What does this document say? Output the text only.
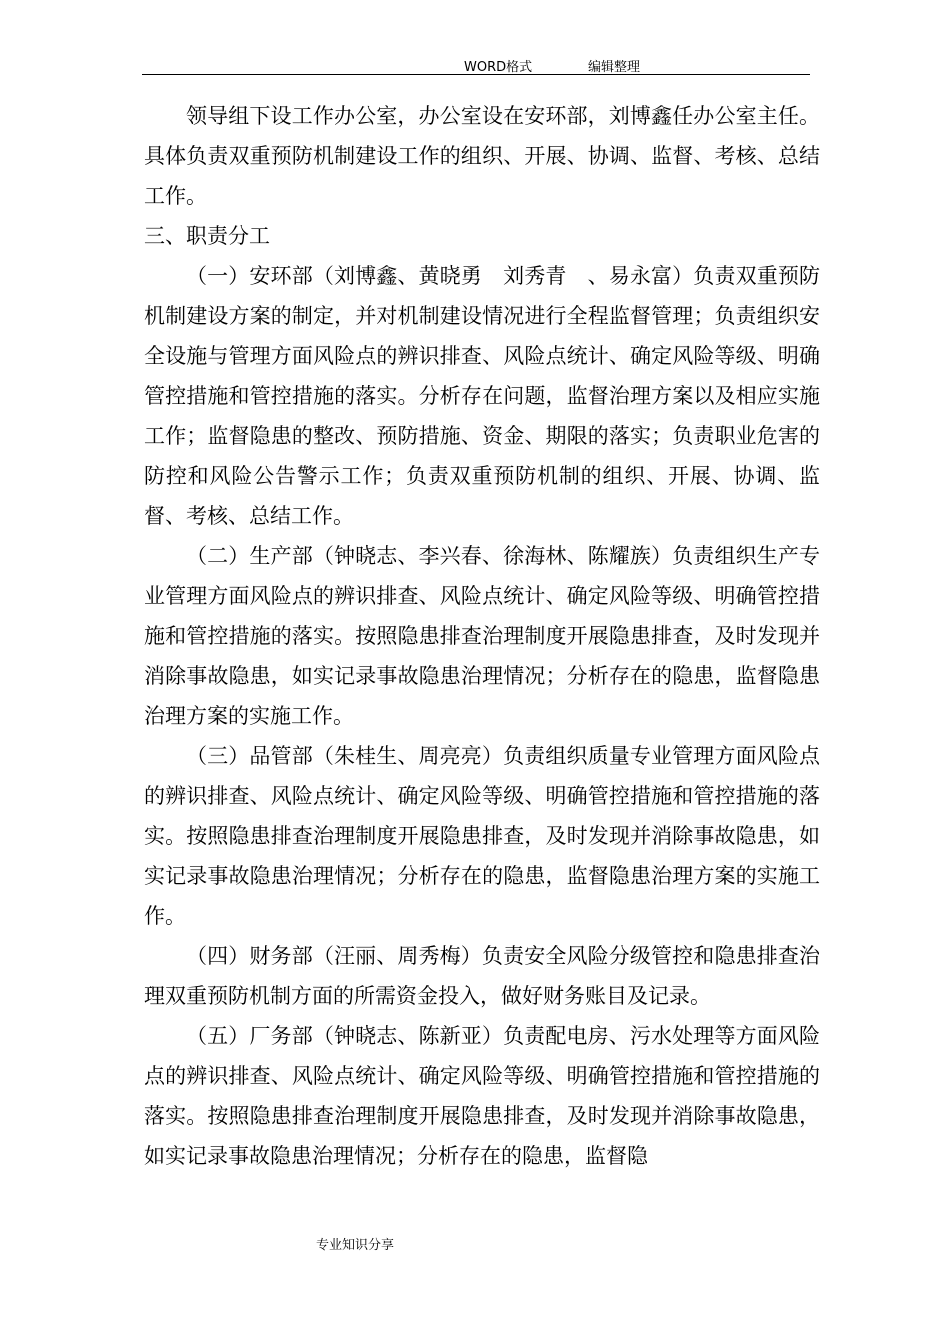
WORD格式	编辑整理

领导组下设工作办公室，办公室设在安环部，刘博鑫任办公室主任。具体负责双重预防机制建设工作的组织、开展、协调、监督、考核、总结工作。

三、职责分工

（一）安环部（刘博鑫、黄晓勇　刘秀青　、易永富）负责双重预防机制建设方案的制定，并对机制建设情况进行全程监督管理；负责组织安全设施与管理方面风险点的辨识排查、风险点统计、确定风险等级、明确管控措施和管控措施的落实。分析存在问题，监督治理方案以及相应实施工作；监督隐患的整改、预防措施、资金、期限的落实；负责职业危害的防控和风险公告警示工作；负责双重预防机制的组织、开展、协调、监督、考核、总结工作。

（二）生产部（钟晓志、李兴春、徐海林、陈耀族）负责组织生产专业管理方面风险点的辨识排查、风险点统计、确定风险等级、明确管控措施和管控措施的落实。按照隐患排查治理制度开展隐患排查，及时发现并消除事故隐患，如实记录事故隐患治理情况；分析存在的隐患，监督隐患治理方案的实施工作。

（三）品管部（朱桂生、周亮亮）负责组织质量专业管理方面风险点的辨识排查、风险点统计、确定风险等级、明确管控措施和管控措施的落实。按照隐患排查治理制度开展隐患排查，及时发现并消除事故隐患，如实记录事故隐患治理情况；分析存在的隐患，监督隐患治理方案的实施工作。

（四）财务部（汪丽、周秀梅）负责安全风险分级管控和隐患排查治理双重预防机制方面的所需资金投入，做好财务账目及记录。

（五）厂务部（钟晓志、陈新亚）负责配电房、污水处理等方面风险点的辨识排查、风险点统计、确定风险等级、明确管控措施和管控措施的落实。按照隐患排查治理制度开展隐患排查，及时发现并消除事故隐患，如实记录事故隐患治理情况；分析存在的隐患，监督隐

专业知识分享
